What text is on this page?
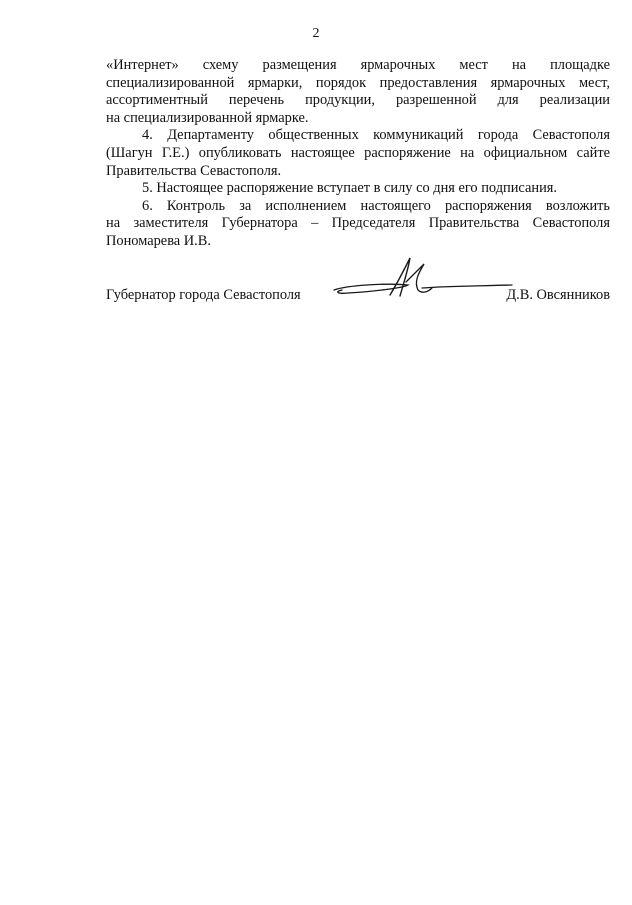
2

«Интернет» схему размещения ярмарочных мест на площадке
специализированной ярмарки, порядок предоставления ярмарочных мест,
ассортиментный перечень продукции, разрешенной для реализации
на специализированной ярмарке.

4. Департаменту общественных коммуникаций города Севастополя
(Шагун Г.Е.) опубликовать настоящее распоряжение на официальном сайте
Правительства Севастополя.

5. Настоящее распоряжение вступает в силу со дня его подписания.

6. Контроль за исполнением настоящего распоряжения возложить
на заместителя Губернатора – Председателя Правительства Севастополя
Пономарева И.В.

Губернатор города Севастополя	Д.В. Овсянников
